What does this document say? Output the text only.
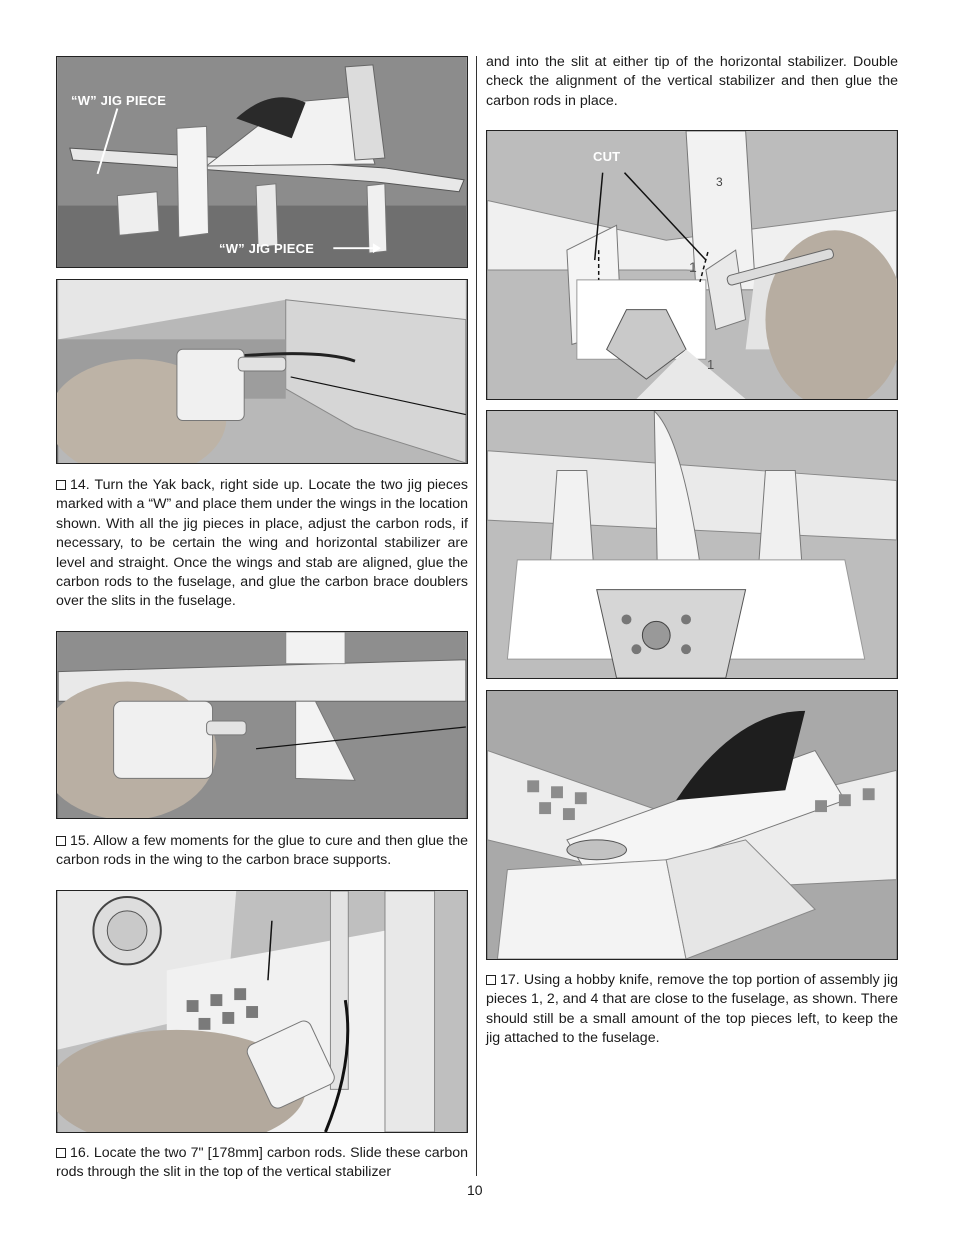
“W” JIG PIECE
“W” JIG PIECE

14. Turn the Yak back, right side up. Locate the two jig pieces marked with a “W” and place them under the wings in the location shown. With all the jig pieces in place, adjust the carbon rods, if necessary, to be certain the wing and horizontal stabilizer are level and straight. Once the wings and stab are aligned, glue the carbon rods to the fuselage, and glue the carbon brace doublers over the slits in the fuselage.

15. Allow a few moments for the glue to cure and then glue the carbon rods in the wing to the carbon brace supports.

16. Locate the two 7" [178mm] carbon rods. Slide these carbon rods through the slit in the top of the vertical stabilizer

and into the slit at either tip of the horizontal stabilizer. Double check the alignment of the vertical stabilizer and then glue the carbon rods in place.

CUT
3
1
1

17. Using a hobby knife, remove the top portion of assembly jig pieces 1, 2, and 4 that are close to the fuselage, as shown. There should still be a small amount of the top pieces left, to keep the jig attached to the fuselage.

10
